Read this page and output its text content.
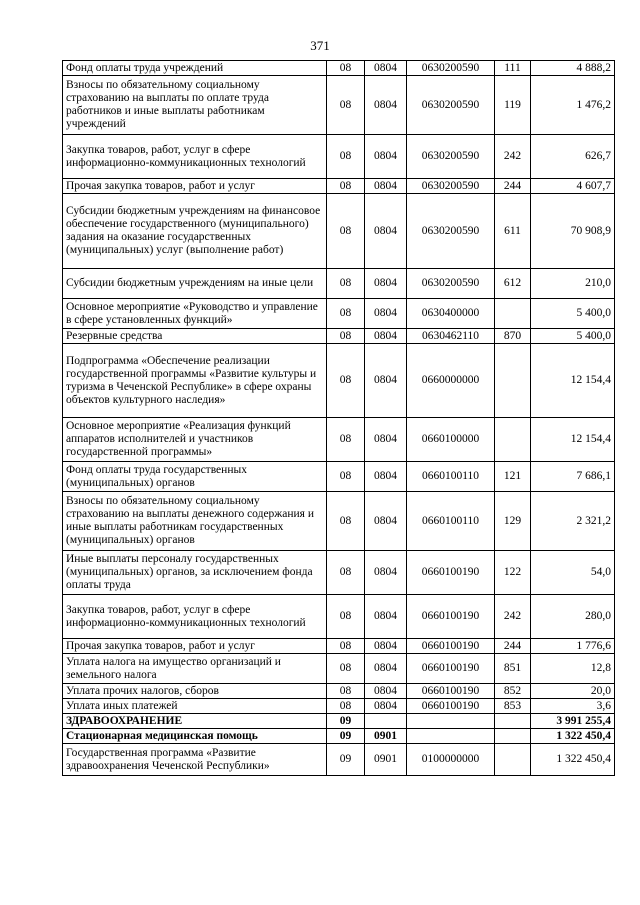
371
Фонд оплаты труда учреждений	08	0804	0630200590	111	4 888,2
Взносы по обязательному социальному страхованию на выплаты по оплате труда работников и иные выплаты работникам учреждений	08	0804	0630200590	119	1 476,2
Закупка товаров, работ, услуг в сфере информационно-коммуникационных технологий	08	0804	0630200590	242	626,7
Прочая закупка товаров, работ и услуг	08	0804	0630200590	244	4 607,7
Субсидии бюджетным учреждениям на финансовое обеспечение государственного (муниципального) задания на оказание государственных (муниципальных) услуг (выполнение работ)	08	0804	0630200590	611	70 908,9
Субсидии бюджетным учреждениям на иные цели	08	0804	0630200590	612	210,0
Основное мероприятие «Руководство и управление в сфере установленных функций»	08	0804	0630400000		5 400,0
Резервные средства	08	0804	0630462110	870	5 400,0
Подпрограмма «Обеспечение реализации государственной программы «Развитие культуры и туризма в Чеченской Республике» в сфере охраны объектов культурного наследия»	08	0804	0660000000		12 154,4
Основное мероприятие «Реализация функций аппаратов исполнителей и участников государственной программы»	08	0804	0660100000		12 154,4
Фонд оплаты труда государственных (муниципальных) органов	08	0804	0660100110	121	7 686,1
Взносы по обязательному социальному страхованию на выплаты денежного содержания и иные выплаты работникам государственных (муниципальных) органов	08	0804	0660100110	129	2 321,2
Иные выплаты персоналу государственных (муниципальных) органов, за исключением фонда оплаты труда	08	0804	0660100190	122	54,0
Закупка товаров, работ, услуг в сфере информационно-коммуникационных технологий	08	0804	0660100190	242	280,0
Прочая закупка товаров, работ и услуг	08	0804	0660100190	244	1 776,6
Уплата налога на имущество организаций и земельного налога	08	0804	0660100190	851	12,8
Уплата прочих налогов, сборов	08	0804	0660100190	852	20,0
Уплата иных платежей	08	0804	0660100190	853	3,6
ЗДРАВООХРАНЕНИЕ	09				3 991 255,4
Стационарная медицинская помощь	09	0901			1 322 450,4
Государственная программа «Развитие здравоохранения Чеченской Республики»	09	0901	0100000000		1 322 450,4
